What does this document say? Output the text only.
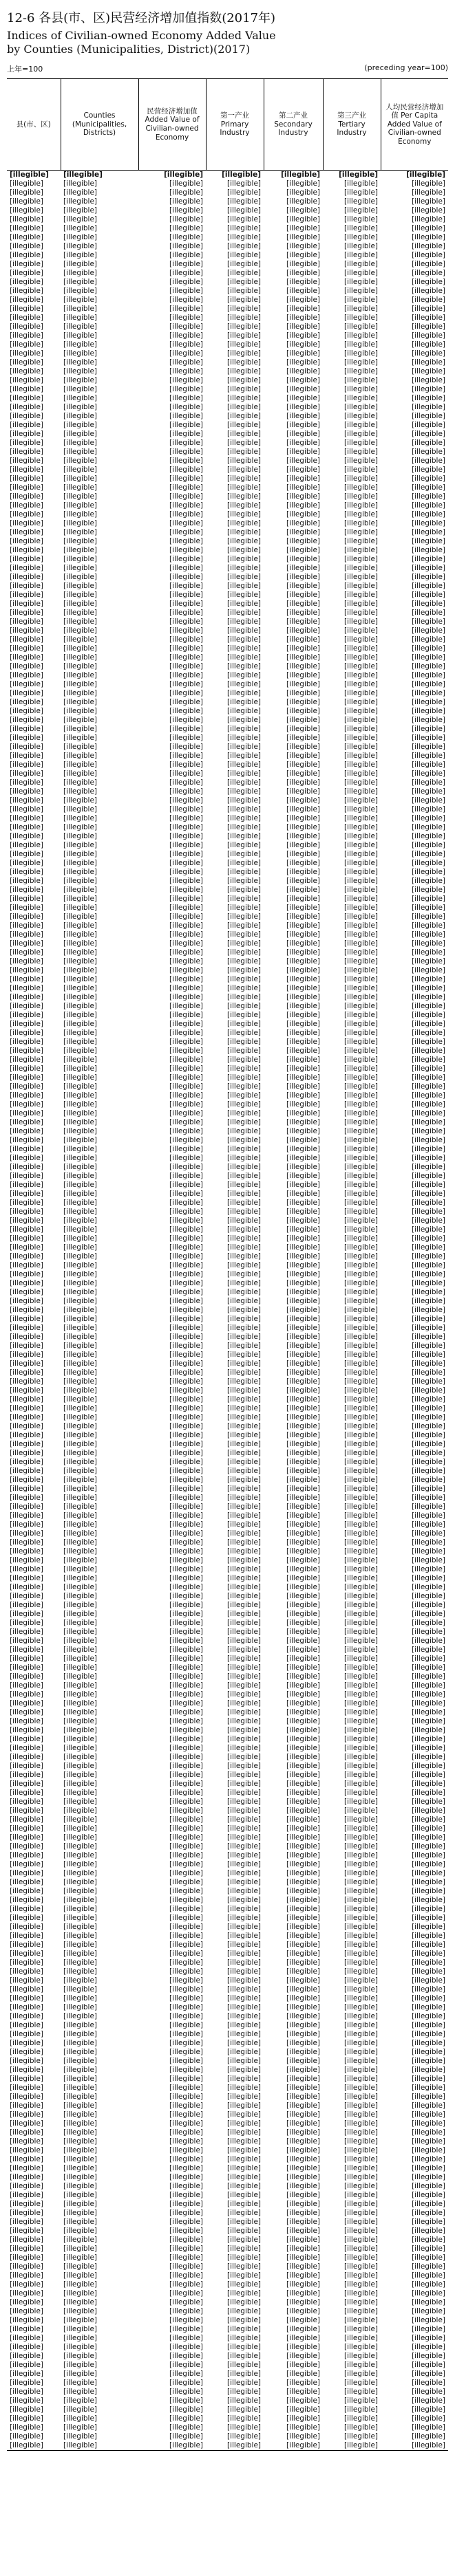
12-6 各县(市、区)民营经济增加值指数(2017年)
Indices of Civilian-owned Economy Added Value
by Counties (Municipalities, District)(2017)
上年=100	(preceding year=100)
县(市、区)	Counties (Municipalities, Districts)	民营经济增加值 Added Value of Civilian-owned Economy	第一产业 Primary Industry	第二产业 Secondary Industry	第三产业 Tertiary Industry	人均民营经济增加值 Per Capita Added Value of Civilian-owned Economy
[illegible]	[illegible]	[illegible]	[illegible]	[illegible]	[illegible]	[illegible]
[illegible]	[illegible]	[illegible]	[illegible]	[illegible]	[illegible]	[illegible]
[illegible]	[illegible]	[illegible]	[illegible]	[illegible]	[illegible]	[illegible]
[illegible]	[illegible]	[illegible]	[illegible]	[illegible]	[illegible]	[illegible]
[illegible]	[illegible]	[illegible]	[illegible]	[illegible]	[illegible]	[illegible]
[illegible]	[illegible]	[illegible]	[illegible]	[illegible]	[illegible]	[illegible]
[illegible]	[illegible]	[illegible]	[illegible]	[illegible]	[illegible]	[illegible]
[illegible]	[illegible]	[illegible]	[illegible]	[illegible]	[illegible]	[illegible]
[illegible]	[illegible]	[illegible]	[illegible]	[illegible]	[illegible]	[illegible]
[illegible]	[illegible]	[illegible]	[illegible]	[illegible]	[illegible]	[illegible]
[illegible]	[illegible]	[illegible]	[illegible]	[illegible]	[illegible]	[illegible]
[illegible]	[illegible]	[illegible]	[illegible]	[illegible]	[illegible]	[illegible]
[illegible]	[illegible]	[illegible]	[illegible]	[illegible]	[illegible]	[illegible]
[illegible]	[illegible]	[illegible]	[illegible]	[illegible]	[illegible]	[illegible]
[illegible]	[illegible]	[illegible]	[illegible]	[illegible]	[illegible]	[illegible]
[illegible]	[illegible]	[illegible]	[illegible]	[illegible]	[illegible]	[illegible]
[illegible]	[illegible]	[illegible]	[illegible]	[illegible]	[illegible]	[illegible]
[illegible]	[illegible]	[illegible]	[illegible]	[illegible]	[illegible]	[illegible]
[illegible]	[illegible]	[illegible]	[illegible]	[illegible]	[illegible]	[illegible]
[illegible]	[illegible]	[illegible]	[illegible]	[illegible]	[illegible]	[illegible]
[illegible]	[illegible]	[illegible]	[illegible]	[illegible]	[illegible]	[illegible]
[illegible]	[illegible]	[illegible]	[illegible]	[illegible]	[illegible]	[illegible]
[illegible]	[illegible]	[illegible]	[illegible]	[illegible]	[illegible]	[illegible]
[illegible]	[illegible]	[illegible]	[illegible]	[illegible]	[illegible]	[illegible]
[illegible]	[illegible]	[illegible]	[illegible]	[illegible]	[illegible]	[illegible]
[illegible]	[illegible]	[illegible]	[illegible]	[illegible]	[illegible]	[illegible]
[illegible]	[illegible]	[illegible]	[illegible]	[illegible]	[illegible]	[illegible]
[illegible]	[illegible]	[illegible]	[illegible]	[illegible]	[illegible]	[illegible]
[illegible]	[illegible]	[illegible]	[illegible]	[illegible]	[illegible]	[illegible]
[illegible]	[illegible]	[illegible]	[illegible]	[illegible]	[illegible]	[illegible]
[illegible]	[illegible]	[illegible]	[illegible]	[illegible]	[illegible]	[illegible]
[illegible]	[illegible]	[illegible]	[illegible]	[illegible]	[illegible]	[illegible]
[illegible]	[illegible]	[illegible]	[illegible]	[illegible]	[illegible]	[illegible]
[illegible]	[illegible]	[illegible]	[illegible]	[illegible]	[illegible]	[illegible]
[illegible]	[illegible]	[illegible]	[illegible]	[illegible]	[illegible]	[illegible]
[illegible]	[illegible]	[illegible]	[illegible]	[illegible]	[illegible]	[illegible]
[illegible]	[illegible]	[illegible]	[illegible]	[illegible]	[illegible]	[illegible]
[illegible]	[illegible]	[illegible]	[illegible]	[illegible]	[illegible]	[illegible]
[illegible]	[illegible]	[illegible]	[illegible]	[illegible]	[illegible]	[illegible]
[illegible]	[illegible]	[illegible]	[illegible]	[illegible]	[illegible]	[illegible]
[illegible]	[illegible]	[illegible]	[illegible]	[illegible]	[illegible]	[illegible]
[illegible]	[illegible]	[illegible]	[illegible]	[illegible]	[illegible]	[illegible]
[illegible]	[illegible]	[illegible]	[illegible]	[illegible]	[illegible]	[illegible]
[illegible]	[illegible]	[illegible]	[illegible]	[illegible]	[illegible]	[illegible]
[illegible]	[illegible]	[illegible]	[illegible]	[illegible]	[illegible]	[illegible]
[illegible]	[illegible]	[illegible]	[illegible]	[illegible]	[illegible]	[illegible]
[illegible]	[illegible]	[illegible]	[illegible]	[illegible]	[illegible]	[illegible]
[illegible]	[illegible]	[illegible]	[illegible]	[illegible]	[illegible]	[illegible]
[illegible]	[illegible]	[illegible]	[illegible]	[illegible]	[illegible]	[illegible]
[illegible]	[illegible]	[illegible]	[illegible]	[illegible]	[illegible]	[illegible]
[illegible]	[illegible]	[illegible]	[illegible]	[illegible]	[illegible]	[illegible]
[illegible]	[illegible]	[illegible]	[illegible]	[illegible]	[illegible]	[illegible]
[illegible]	[illegible]	[illegible]	[illegible]	[illegible]	[illegible]	[illegible]
[illegible]	[illegible]	[illegible]	[illegible]	[illegible]	[illegible]	[illegible]
[illegible]	[illegible]	[illegible]	[illegible]	[illegible]	[illegible]	[illegible]
[illegible]	[illegible]	[illegible]	[illegible]	[illegible]	[illegible]	[illegible]
[illegible]	[illegible]	[illegible]	[illegible]	[illegible]	[illegible]	[illegible]
[illegible]	[illegible]	[illegible]	[illegible]	[illegible]	[illegible]	[illegible]
[illegible]	[illegible]	[illegible]	[illegible]	[illegible]	[illegible]	[illegible]
[illegible]	[illegible]	[illegible]	[illegible]	[illegible]	[illegible]	[illegible]
[illegible]	[illegible]	[illegible]	[illegible]	[illegible]	[illegible]	[illegible]
[illegible]	[illegible]	[illegible]	[illegible]	[illegible]	[illegible]	[illegible]
[illegible]	[illegible]	[illegible]	[illegible]	[illegible]	[illegible]	[illegible]
[illegible]	[illegible]	[illegible]	[illegible]	[illegible]	[illegible]	[illegible]
[illegible]	[illegible]	[illegible]	[illegible]	[illegible]	[illegible]	[illegible]
[illegible]	[illegible]	[illegible]	[illegible]	[illegible]	[illegible]	[illegible]
[illegible]	[illegible]	[illegible]	[illegible]	[illegible]	[illegible]	[illegible]
[illegible]	[illegible]	[illegible]	[illegible]	[illegible]	[illegible]	[illegible]
[illegible]	[illegible]	[illegible]	[illegible]	[illegible]	[illegible]	[illegible]
[illegible]	[illegible]	[illegible]	[illegible]	[illegible]	[illegible]	[illegible]
[illegible]	[illegible]	[illegible]	[illegible]	[illegible]	[illegible]	[illegible]
[illegible]	[illegible]	[illegible]	[illegible]	[illegible]	[illegible]	[illegible]
[illegible]	[illegible]	[illegible]	[illegible]	[illegible]	[illegible]	[illegible]
[illegible]	[illegible]	[illegible]	[illegible]	[illegible]	[illegible]	[illegible]
[illegible]	[illegible]	[illegible]	[illegible]	[illegible]	[illegible]	[illegible]
[illegible]	[illegible]	[illegible]	[illegible]	[illegible]	[illegible]	[illegible]
[illegible]	[illegible]	[illegible]	[illegible]	[illegible]	[illegible]	[illegible]
[illegible]	[illegible]	[illegible]	[illegible]	[illegible]	[illegible]	[illegible]
[illegible]	[illegible]	[illegible]	[illegible]	[illegible]	[illegible]	[illegible]
[illegible]	[illegible]	[illegible]	[illegible]	[illegible]	[illegible]	[illegible]
[illegible]	[illegible]	[illegible]	[illegible]	[illegible]	[illegible]	[illegible]
[illegible]	[illegible]	[illegible]	[illegible]	[illegible]	[illegible]	[illegible]
[illegible]	[illegible]	[illegible]	[illegible]	[illegible]	[illegible]	[illegible]
[illegible]	[illegible]	[illegible]	[illegible]	[illegible]	[illegible]	[illegible]
[illegible]	[illegible]	[illegible]	[illegible]	[illegible]	[illegible]	[illegible]
[illegible]	[illegible]	[illegible]	[illegible]	[illegible]	[illegible]	[illegible]
[illegible]	[illegible]	[illegible]	[illegible]	[illegible]	[illegible]	[illegible]
[illegible]	[illegible]	[illegible]	[illegible]	[illegible]	[illegible]	[illegible]
[illegible]	[illegible]	[illegible]	[illegible]	[illegible]	[illegible]	[illegible]
[illegible]	[illegible]	[illegible]	[illegible]	[illegible]	[illegible]	[illegible]
[illegible]	[illegible]	[illegible]	[illegible]	[illegible]	[illegible]	[illegible]
[illegible]	[illegible]	[illegible]	[illegible]	[illegible]	[illegible]	[illegible]
[illegible]	[illegible]	[illegible]	[illegible]	[illegible]	[illegible]	[illegible]
[illegible]	[illegible]	[illegible]	[illegible]	[illegible]	[illegible]	[illegible]
[illegible]	[illegible]	[illegible]	[illegible]	[illegible]	[illegible]	[illegible]
[illegible]	[illegible]	[illegible]	[illegible]	[illegible]	[illegible]	[illegible]
[illegible]	[illegible]	[illegible]	[illegible]	[illegible]	[illegible]	[illegible]
[illegible]	[illegible]	[illegible]	[illegible]	[illegible]	[illegible]	[illegible]
[illegible]	[illegible]	[illegible]	[illegible]	[illegible]	[illegible]	[illegible]
[illegible]	[illegible]	[illegible]	[illegible]	[illegible]	[illegible]	[illegible]
[illegible]	[illegible]	[illegible]	[illegible]	[illegible]	[illegible]	[illegible]
[illegible]	[illegible]	[illegible]	[illegible]	[illegible]	[illegible]	[illegible]
[illegible]	[illegible]	[illegible]	[illegible]	[illegible]	[illegible]	[illegible]
[illegible]	[illegible]	[illegible]	[illegible]	[illegible]	[illegible]	[illegible]
[illegible]	[illegible]	[illegible]	[illegible]	[illegible]	[illegible]	[illegible]
[illegible]	[illegible]	[illegible]	[illegible]	[illegible]	[illegible]	[illegible]
[illegible]	[illegible]	[illegible]	[illegible]	[illegible]	[illegible]	[illegible]
[illegible]	[illegible]	[illegible]	[illegible]	[illegible]	[illegible]	[illegible]
[illegible]	[illegible]	[illegible]	[illegible]	[illegible]	[illegible]	[illegible]
[illegible]	[illegible]	[illegible]	[illegible]	[illegible]	[illegible]	[illegible]
[illegible]	[illegible]	[illegible]	[illegible]	[illegible]	[illegible]	[illegible]
[illegible]	[illegible]	[illegible]	[illegible]	[illegible]	[illegible]	[illegible]
[illegible]	[illegible]	[illegible]	[illegible]	[illegible]	[illegible]	[illegible]
[illegible]	[illegible]	[illegible]	[illegible]	[illegible]	[illegible]	[illegible]
[illegible]	[illegible]	[illegible]	[illegible]	[illegible]	[illegible]	[illegible]
[illegible]	[illegible]	[illegible]	[illegible]	[illegible]	[illegible]	[illegible]
[illegible]	[illegible]	[illegible]	[illegible]	[illegible]	[illegible]	[illegible]
[illegible]	[illegible]	[illegible]	[illegible]	[illegible]	[illegible]	[illegible]
[illegible]	[illegible]	[illegible]	[illegible]	[illegible]	[illegible]	[illegible]
[illegible]	[illegible]	[illegible]	[illegible]	[illegible]	[illegible]	[illegible]
[illegible]	[illegible]	[illegible]	[illegible]	[illegible]	[illegible]	[illegible]
[illegible]	[illegible]	[illegible]	[illegible]	[illegible]	[illegible]	[illegible]
[illegible]	[illegible]	[illegible]	[illegible]	[illegible]	[illegible]	[illegible]
[illegible]	[illegible]	[illegible]	[illegible]	[illegible]	[illegible]	[illegible]
[illegible]	[illegible]	[illegible]	[illegible]	[illegible]	[illegible]	[illegible]
[illegible]	[illegible]	[illegible]	[illegible]	[illegible]	[illegible]	[illegible]
[illegible]	[illegible]	[illegible]	[illegible]	[illegible]	[illegible]	[illegible]
[illegible]	[illegible]	[illegible]	[illegible]	[illegible]	[illegible]	[illegible]
[illegible]	[illegible]	[illegible]	[illegible]	[illegible]	[illegible]	[illegible]
[illegible]	[illegible]	[illegible]	[illegible]	[illegible]	[illegible]	[illegible]
[illegible]	[illegible]	[illegible]	[illegible]	[illegible]	[illegible]	[illegible]
[illegible]	[illegible]	[illegible]	[illegible]	[illegible]	[illegible]	[illegible]
[illegible]	[illegible]	[illegible]	[illegible]	[illegible]	[illegible]	[illegible]
[illegible]	[illegible]	[illegible]	[illegible]	[illegible]	[illegible]	[illegible]
[illegible]	[illegible]	[illegible]	[illegible]	[illegible]	[illegible]	[illegible]
[illegible]	[illegible]	[illegible]	[illegible]	[illegible]	[illegible]	[illegible]
[illegible]	[illegible]	[illegible]	[illegible]	[illegible]	[illegible]	[illegible]
[illegible]	[illegible]	[illegible]	[illegible]	[illegible]	[illegible]	[illegible]
[illegible]	[illegible]	[illegible]	[illegible]	[illegible]	[illegible]	[illegible]
[illegible]	[illegible]	[illegible]	[illegible]	[illegible]	[illegible]	[illegible]
[illegible]	[illegible]	[illegible]	[illegible]	[illegible]	[illegible]	[illegible]
[illegible]	[illegible]	[illegible]	[illegible]	[illegible]	[illegible]	[illegible]
[illegible]	[illegible]	[illegible]	[illegible]	[illegible]	[illegible]	[illegible]
[illegible]	[illegible]	[illegible]	[illegible]	[illegible]	[illegible]	[illegible]
[illegible]	[illegible]	[illegible]	[illegible]	[illegible]	[illegible]	[illegible]
[illegible]	[illegible]	[illegible]	[illegible]	[illegible]	[illegible]	[illegible]
[illegible]	[illegible]	[illegible]	[illegible]	[illegible]	[illegible]	[illegible]
[illegible]	[illegible]	[illegible]	[illegible]	[illegible]	[illegible]	[illegible]
[illegible]	[illegible]	[illegible]	[illegible]	[illegible]	[illegible]	[illegible]
[illegible]	[illegible]	[illegible]	[illegible]	[illegible]	[illegible]	[illegible]
[illegible]	[illegible]	[illegible]	[illegible]	[illegible]	[illegible]	[illegible]
[illegible]	[illegible]	[illegible]	[illegible]	[illegible]	[illegible]	[illegible]
[illegible]	[illegible]	[illegible]	[illegible]	[illegible]	[illegible]	[illegible]
[illegible]	[illegible]	[illegible]	[illegible]	[illegible]	[illegible]	[illegible]
[illegible]	[illegible]	[illegible]	[illegible]	[illegible]	[illegible]	[illegible]
[illegible]	[illegible]	[illegible]	[illegible]	[illegible]	[illegible]	[illegible]
[illegible]	[illegible]	[illegible]	[illegible]	[illegible]	[illegible]	[illegible]
[illegible]	[illegible]	[illegible]	[illegible]	[illegible]	[illegible]	[illegible]
[illegible]	[illegible]	[illegible]	[illegible]	[illegible]	[illegible]	[illegible]
[illegible]	[illegible]	[illegible]	[illegible]	[illegible]	[illegible]	[illegible]
[illegible]	[illegible]	[illegible]	[illegible]	[illegible]	[illegible]	[illegible]
[illegible]	[illegible]	[illegible]	[illegible]	[illegible]	[illegible]	[illegible]
[illegible]	[illegible]	[illegible]	[illegible]	[illegible]	[illegible]	[illegible]
[illegible]	[illegible]	[illegible]	[illegible]	[illegible]	[illegible]	[illegible]
[illegible]	[illegible]	[illegible]	[illegible]	[illegible]	[illegible]	[illegible]
[illegible]	[illegible]	[illegible]	[illegible]	[illegible]	[illegible]	[illegible]
[illegible]	[illegible]	[illegible]	[illegible]	[illegible]	[illegible]	[illegible]
[illegible]	[illegible]	[illegible]	[illegible]	[illegible]	[illegible]	[illegible]
[illegible]	[illegible]	[illegible]	[illegible]	[illegible]	[illegible]	[illegible]
[illegible]	[illegible]	[illegible]	[illegible]	[illegible]	[illegible]	[illegible]
[illegible]	[illegible]	[illegible]	[illegible]	[illegible]	[illegible]	[illegible]
[illegible]	[illegible]	[illegible]	[illegible]	[illegible]	[illegible]	[illegible]
[illegible]	[illegible]	[illegible]	[illegible]	[illegible]	[illegible]	[illegible]
[illegible]	[illegible]	[illegible]	[illegible]	[illegible]	[illegible]	[illegible]
[illegible]	[illegible]	[illegible]	[illegible]	[illegible]	[illegible]	[illegible]
[illegible]	[illegible]	[illegible]	[illegible]	[illegible]	[illegible]	[illegible]
[illegible]	[illegible]	[illegible]	[illegible]	[illegible]	[illegible]	[illegible]
[illegible]	[illegible]	[illegible]	[illegible]	[illegible]	[illegible]	[illegible]
[illegible]	[illegible]	[illegible]	[illegible]	[illegible]	[illegible]	[illegible]
[illegible]	[illegible]	[illegible]	[illegible]	[illegible]	[illegible]	[illegible]
[illegible]	[illegible]	[illegible]	[illegible]	[illegible]	[illegible]	[illegible]
[illegible]	[illegible]	[illegible]	[illegible]	[illegible]	[illegible]	[illegible]
[illegible]	[illegible]	[illegible]	[illegible]	[illegible]	[illegible]	[illegible]
[illegible]	[illegible]	[illegible]	[illegible]	[illegible]	[illegible]	[illegible]
[illegible]	[illegible]	[illegible]	[illegible]	[illegible]	[illegible]	[illegible]
[illegible]	[illegible]	[illegible]	[illegible]	[illegible]	[illegible]	[illegible]
[illegible]	[illegible]	[illegible]	[illegible]	[illegible]	[illegible]	[illegible]
[illegible]	[illegible]	[illegible]	[illegible]	[illegible]	[illegible]	[illegible]
[illegible]	[illegible]	[illegible]	[illegible]	[illegible]	[illegible]	[illegible]
[illegible]	[illegible]	[illegible]	[illegible]	[illegible]	[illegible]	[illegible]
[illegible]	[illegible]	[illegible]	[illegible]	[illegible]	[illegible]	[illegible]
[illegible]	[illegible]	[illegible]	[illegible]	[illegible]	[illegible]	[illegible]
[illegible]	[illegible]	[illegible]	[illegible]	[illegible]	[illegible]	[illegible]
[illegible]	[illegible]	[illegible]	[illegible]	[illegible]	[illegible]	[illegible]
[illegible]	[illegible]	[illegible]	[illegible]	[illegible]	[illegible]	[illegible]
[illegible]	[illegible]	[illegible]	[illegible]	[illegible]	[illegible]	[illegible]
[illegible]	[illegible]	[illegible]	[illegible]	[illegible]	[illegible]	[illegible]
[illegible]	[illegible]	[illegible]	[illegible]	[illegible]	[illegible]	[illegible]
[illegible]	[illegible]	[illegible]	[illegible]	[illegible]	[illegible]	[illegible]
[illegible]	[illegible]	[illegible]	[illegible]	[illegible]	[illegible]	[illegible]
[illegible]	[illegible]	[illegible]	[illegible]	[illegible]	[illegible]	[illegible]
[illegible]	[illegible]	[illegible]	[illegible]	[illegible]	[illegible]	[illegible]
[illegible]	[illegible]	[illegible]	[illegible]	[illegible]	[illegible]	[illegible]
[illegible]	[illegible]	[illegible]	[illegible]	[illegible]	[illegible]	[illegible]
[illegible]	[illegible]	[illegible]	[illegible]	[illegible]	[illegible]	[illegible]
[illegible]	[illegible]	[illegible]	[illegible]	[illegible]	[illegible]	[illegible]
[illegible]	[illegible]	[illegible]	[illegible]	[illegible]	[illegible]	[illegible]
[illegible]	[illegible]	[illegible]	[illegible]	[illegible]	[illegible]	[illegible]
[illegible]	[illegible]	[illegible]	[illegible]	[illegible]	[illegible]	[illegible]
[illegible]	[illegible]	[illegible]	[illegible]	[illegible]	[illegible]	[illegible]
[illegible]	[illegible]	[illegible]	[illegible]	[illegible]	[illegible]	[illegible]
[illegible]	[illegible]	[illegible]	[illegible]	[illegible]	[illegible]	[illegible]
[illegible]	[illegible]	[illegible]	[illegible]	[illegible]	[illegible]	[illegible]
[illegible]	[illegible]	[illegible]	[illegible]	[illegible]	[illegible]	[illegible]
[illegible]	[illegible]	[illegible]	[illegible]	[illegible]	[illegible]	[illegible]
[illegible]	[illegible]	[illegible]	[illegible]	[illegible]	[illegible]	[illegible]
[illegible]	[illegible]	[illegible]	[illegible]	[illegible]	[illegible]	[illegible]
[illegible]	[illegible]	[illegible]	[illegible]	[illegible]	[illegible]	[illegible]
[illegible]	[illegible]	[illegible]	[illegible]	[illegible]	[illegible]	[illegible]
[illegible]	[illegible]	[illegible]	[illegible]	[illegible]	[illegible]	[illegible]
[illegible]	[illegible]	[illegible]	[illegible]	[illegible]	[illegible]	[illegible]
[illegible]	[illegible]	[illegible]	[illegible]	[illegible]	[illegible]	[illegible]
[illegible]	[illegible]	[illegible]	[illegible]	[illegible]	[illegible]	[illegible]
[illegible]	[illegible]	[illegible]	[illegible]	[illegible]	[illegible]	[illegible]
[illegible]	[illegible]	[illegible]	[illegible]	[illegible]	[illegible]	[illegible]
[illegible]	[illegible]	[illegible]	[illegible]	[illegible]	[illegible]	[illegible]
[illegible]	[illegible]	[illegible]	[illegible]	[illegible]	[illegible]	[illegible]
[illegible]	[illegible]	[illegible]	[illegible]	[illegible]	[illegible]	[illegible]
[illegible]	[illegible]	[illegible]	[illegible]	[illegible]	[illegible]	[illegible]
[illegible]	[illegible]	[illegible]	[illegible]	[illegible]	[illegible]	[illegible]
[illegible]	[illegible]	[illegible]	[illegible]	[illegible]	[illegible]	[illegible]
[illegible]	[illegible]	[illegible]	[illegible]	[illegible]	[illegible]	[illegible]
[illegible]	[illegible]	[illegible]	[illegible]	[illegible]	[illegible]	[illegible]
[illegible]	[illegible]	[illegible]	[illegible]	[illegible]	[illegible]	[illegible]
[illegible]	[illegible]	[illegible]	[illegible]	[illegible]	[illegible]	[illegible]
[illegible]	[illegible]	[illegible]	[illegible]	[illegible]	[illegible]	[illegible]
[illegible]	[illegible]	[illegible]	[illegible]	[illegible]	[illegible]	[illegible]
[illegible]	[illegible]	[illegible]	[illegible]	[illegible]	[illegible]	[illegible]
[illegible]	[illegible]	[illegible]	[illegible]	[illegible]	[illegible]	[illegible]
[illegible]	[illegible]	[illegible]	[illegible]	[illegible]	[illegible]	[illegible]
[illegible]	[illegible]	[illegible]	[illegible]	[illegible]	[illegible]	[illegible]
[illegible]	[illegible]	[illegible]	[illegible]	[illegible]	[illegible]	[illegible]
[illegible]	[illegible]	[illegible]	[illegible]	[illegible]	[illegible]	[illegible]
[illegible]	[illegible]	[illegible]	[illegible]	[illegible]	[illegible]	[illegible]
[illegible]	[illegible]	[illegible]	[illegible]	[illegible]	[illegible]	[illegible]
[illegible]	[illegible]	[illegible]	[illegible]	[illegible]	[illegible]	[illegible]
[illegible]	[illegible]	[illegible]	[illegible]	[illegible]	[illegible]	[illegible]
[illegible]	[illegible]	[illegible]	[illegible]	[illegible]	[illegible]	[illegible]
[illegible]	[illegible]	[illegible]	[illegible]	[illegible]	[illegible]	[illegible]
[illegible]	[illegible]	[illegible]	[illegible]	[illegible]	[illegible]	[illegible]
[illegible]	[illegible]	[illegible]	[illegible]	[illegible]	[illegible]	[illegible]
[illegible]	[illegible]	[illegible]	[illegible]	[illegible]	[illegible]	[illegible]
[illegible]	[illegible]	[illegible]	[illegible]	[illegible]	[illegible]	[illegible]
[illegible]	[illegible]	[illegible]	[illegible]	[illegible]	[illegible]	[illegible]
[illegible]	[illegible]	[illegible]	[illegible]	[illegible]	[illegible]	[illegible]
